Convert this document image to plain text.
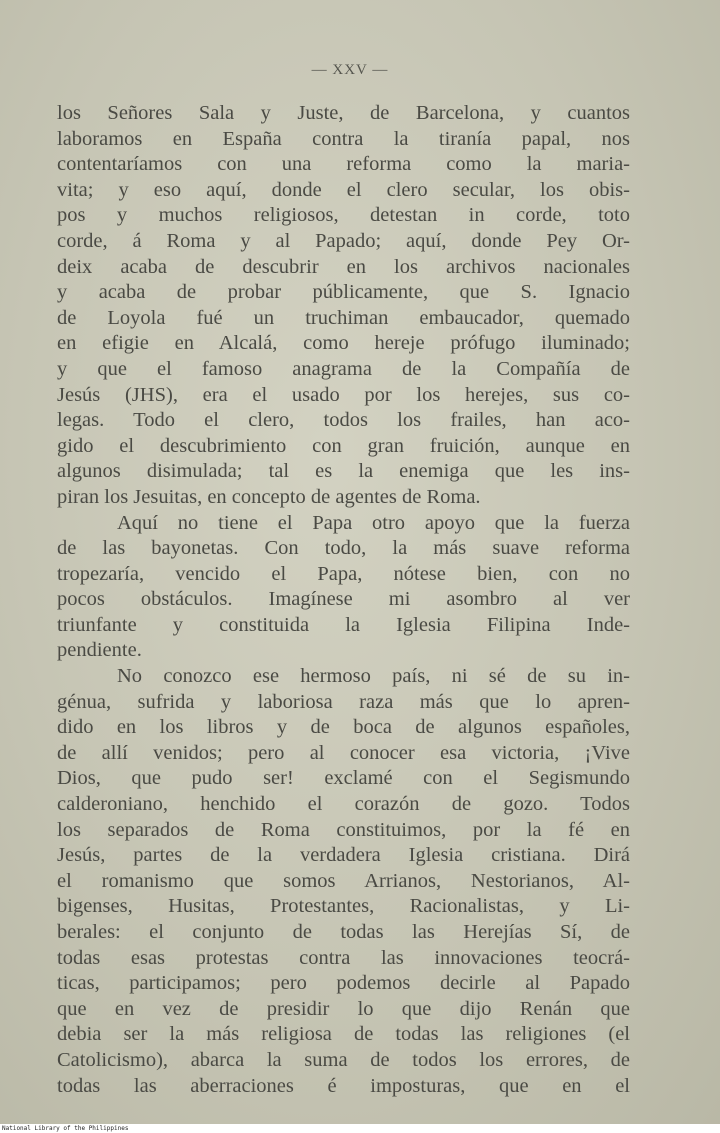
— XXV —
los Señores Sala y Juste, de Barcelona, y cuantos
laboramos en España contra la tiranía papal, nos
contentaríamos con una reforma como la maria-
vita; y eso aquí, donde el clero secular, los obis-
pos y muchos religiosos, detestan in corde, toto
corde, á Roma y al Papado; aquí, donde Pey Or-
deix acaba de descubrir en los archivos nacionales
y acaba de probar públicamente, que S. Ignacio
de Loyola fué un truchiman embaucador, quemado
en efigie en Alcalá, como hereje prófugo iluminado;
y que el famoso anagrama de la Compañía de
Jesús (JHS), era el usado por los herejes, sus co-
legas. Todo el clero, todos los frailes, han aco-
gido el descubrimiento con gran fruición, aunque en
algunos disimulada; tal es la enemiga que les ins-
piran los Jesuitas, en concepto de agentes de Roma.
Aquí no tiene el Papa otro apoyo que la fuerza
de las bayonetas. Con todo, la más suave reforma
tropezaría, vencido el Papa, nótese bien, con no
pocos obstáculos. Imagínese mi asombro al ver
triunfante y constituida la Iglesia Filipina Inde-
pendiente.
No conozco ese hermoso país, ni sé de su in-
génua, sufrida y laboriosa raza más que lo apren-
dido en los libros y de boca de algunos españoles,
de allí venidos; pero al conocer esa victoria, ¡Vive
Dios, que pudo ser! exclamé con el Segismundo
calderoniano, henchido el corazón de gozo. Todos
los separados de Roma constituimos, por la fé en
Jesús, partes de la verdadera Iglesia cristiana. Dirá
el romanismo que somos Arrianos, Nestorianos, Al-
bigenses, Husitas, Protestantes, Racionalistas, y Li-
berales: el conjunto de todas las Herejías Sí, de
todas esas protestas contra las innovaciones teocrá-
ticas, participamos; pero podemos decirle al Papado
que en vez de presidir lo que dijo Renán que
debia ser la más religiosa de todas las religiones (el
Catolicismo), abarca la suma de todos los errores, de
todas las aberraciones é imposturas, que en el
National Library of the Philippines
